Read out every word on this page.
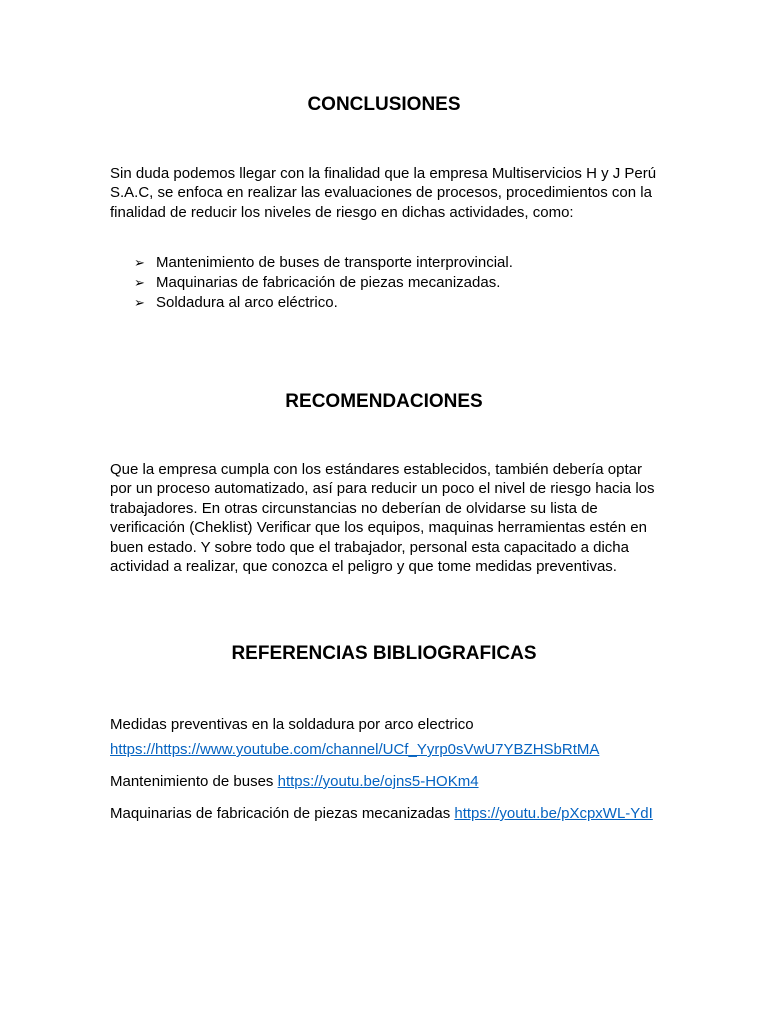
CONCLUSIONES

Sin duda podemos llegar con la finalidad que la empresa Multiservicios H y J Perú S.A.C, se enfoca en realizar las evaluaciones de procesos, procedimientos con la finalidad de reducir los niveles de riesgo en dichas actividades, como:

➢ Mantenimiento de buses de transporte interprovincial.
➢ Maquinarias de fabricación de piezas mecanizadas.
➢ Soldadura al arco eléctrico.
RECOMENDACIONES

Que la empresa cumpla con los estándares establecidos, también debería optar por un proceso automatizado, así para reducir un poco el nivel de riesgo hacia los trabajadores. En otras circunstancias no deberían de olvidarse su lista de verificación (Cheklist) Verificar que los equipos, maquinas herramientas estén en buen estado. Y sobre todo que el trabajador, personal esta capacitado a dicha actividad a realizar, que conozca el peligro y que tome medidas preventivas.

REFERENCIAS BIBLIOGRAFICAS

Medidas preventivas en la soldadura por arco electrico

https://https://www.youtube.com/channel/UCf_Yyrp0sVwU7YBZHSbRtMA

Mantenimiento de buses https://youtu.be/ojns5-HOKm4

Maquinarias de fabricación de piezas mecanizadas https://youtu.be/pXcpxWL-YdI
